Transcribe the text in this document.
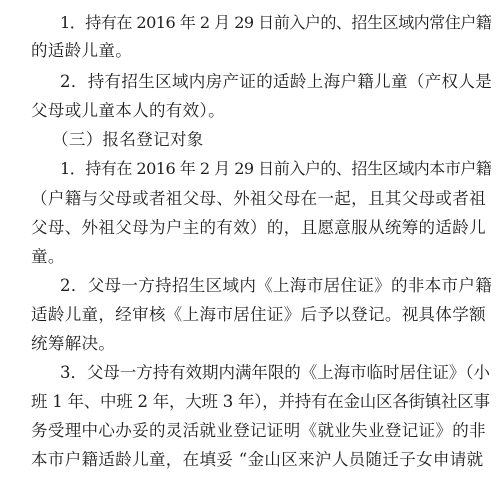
1．持有在 2016 年 2 月 29 日前入户的、招生区域内常住户籍
的适龄儿童。
2．持有招生区域内房产证的适龄上海户籍儿童（产权人是
父母或儿童本人的有效）。
（三）报名登记对象
1．持有在 2016 年 2 月 29 日前入户的、招生区域内本市户籍
（户籍与父母或者祖父母、外祖父母在一起，且其父母或者祖
父母、外祖父母为户主的有效）的，且愿意服从统筹的适龄儿
童。
2．父母一方持招生区域内《上海市居住证》的非本市户籍
适龄儿童，经审核《上海市居住证》后予以登记。视具体学额
统筹解决。
3．父母一方持有效期内满年限的《上海市临时居住证》（小
班 1 年、中班 2 年，大班 3 年），并持有在金山区各街镇社区事
务受理中心办妥的灵活就业登记证明《就业失业登记证》的非
本市户籍适龄儿童，在填妥 “金山区来沪人员随迁子女申请就
